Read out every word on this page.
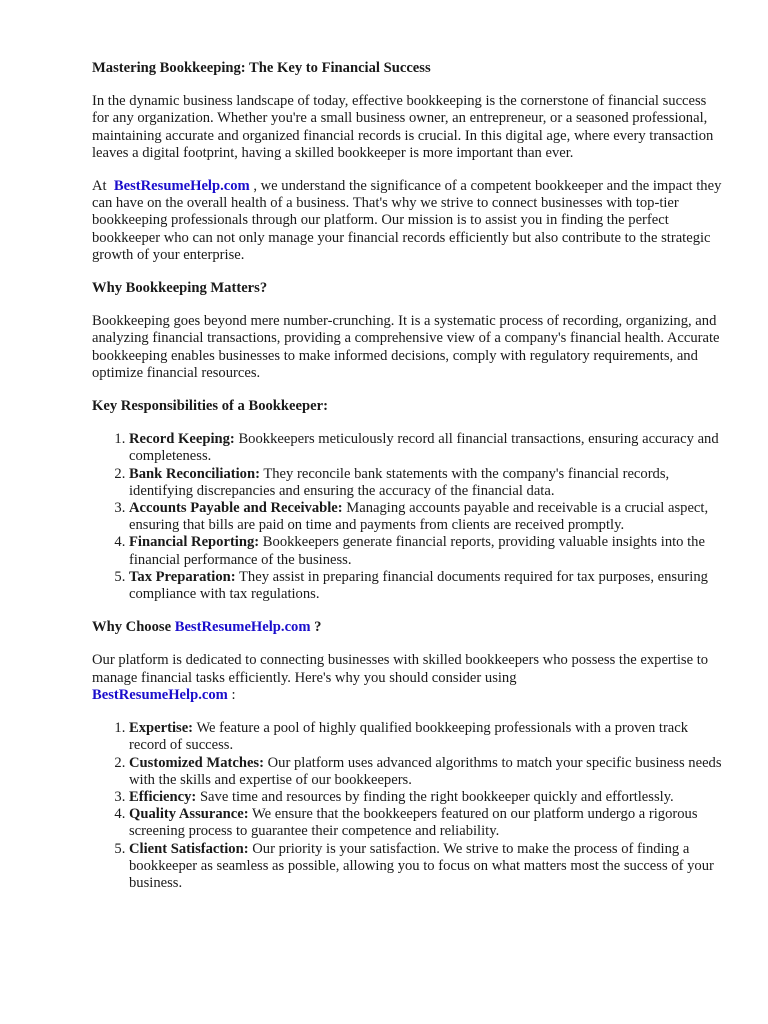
Mastering Bookkeeping: The Key to Financial Success

In the dynamic business landscape of today, effective bookkeeping is the cornerstone of financial success for any organization. Whether you're a small business owner, an entrepreneur, or a seasoned professional, maintaining accurate and organized financial records is crucial. In this digital age, where every transaction leaves a digital footprint, having a skilled bookkeeper is more important than ever.

At BestResumeHelp.com , we understand the significance of a competent bookkeeper and the impact they can have on the overall health of a business. That's why we strive to connect businesses with top-tier bookkeeping professionals through our platform. Our mission is to assist you in finding the perfect bookkeeper who can not only manage your financial records efficiently but also contribute to the strategic growth of your enterprise.

Why Bookkeeping Matters?

Bookkeeping goes beyond mere number-crunching. It is a systematic process of recording, organizing, and analyzing financial transactions, providing a comprehensive view of a company's financial health. Accurate bookkeeping enables businesses to make informed decisions, comply with regulatory requirements, and optimize financial resources.

Key Responsibilities of a Bookkeeper:
1. Record Keeping: Bookkeepers meticulously record all financial transactions, ensuring accuracy and completeness.
2. Bank Reconciliation: They reconcile bank statements with the company's financial records, identifying discrepancies and ensuring the accuracy of the financial data.
3. Accounts Payable and Receivable: Managing accounts payable and receivable is a crucial aspect, ensuring that bills are paid on time and payments from clients are received promptly.
4. Financial Reporting: Bookkeepers generate financial reports, providing valuable insights into the financial performance of the business.
5. Tax Preparation: They assist in preparing financial documents required for tax purposes, ensuring compliance with tax regulations.
Why Choose BestResumeHelp.com ?

Our platform is dedicated to connecting businesses with skilled bookkeepers who possess the expertise to manage financial tasks efficiently. Here's why you should consider using
BestResumeHelp.com :

1. Expertise: We feature a pool of highly qualified bookkeeping professionals with a proven track record of success.
2. Customized Matches: Our platform uses advanced algorithms to match your specific business needs with the skills and expertise of our bookkeepers.
3. Efficiency: Save time and resources by finding the right bookkeeper quickly and effortlessly.
4. Quality Assurance: We ensure that the bookkeepers featured on our platform undergo a rigorous screening process to guarantee their competence and reliability.
5. Client Satisfaction: Our priority is your satisfaction. We strive to make the process of finding a bookkeeper as seamless as possible, allowing you to focus on what matters most the success of your business.
